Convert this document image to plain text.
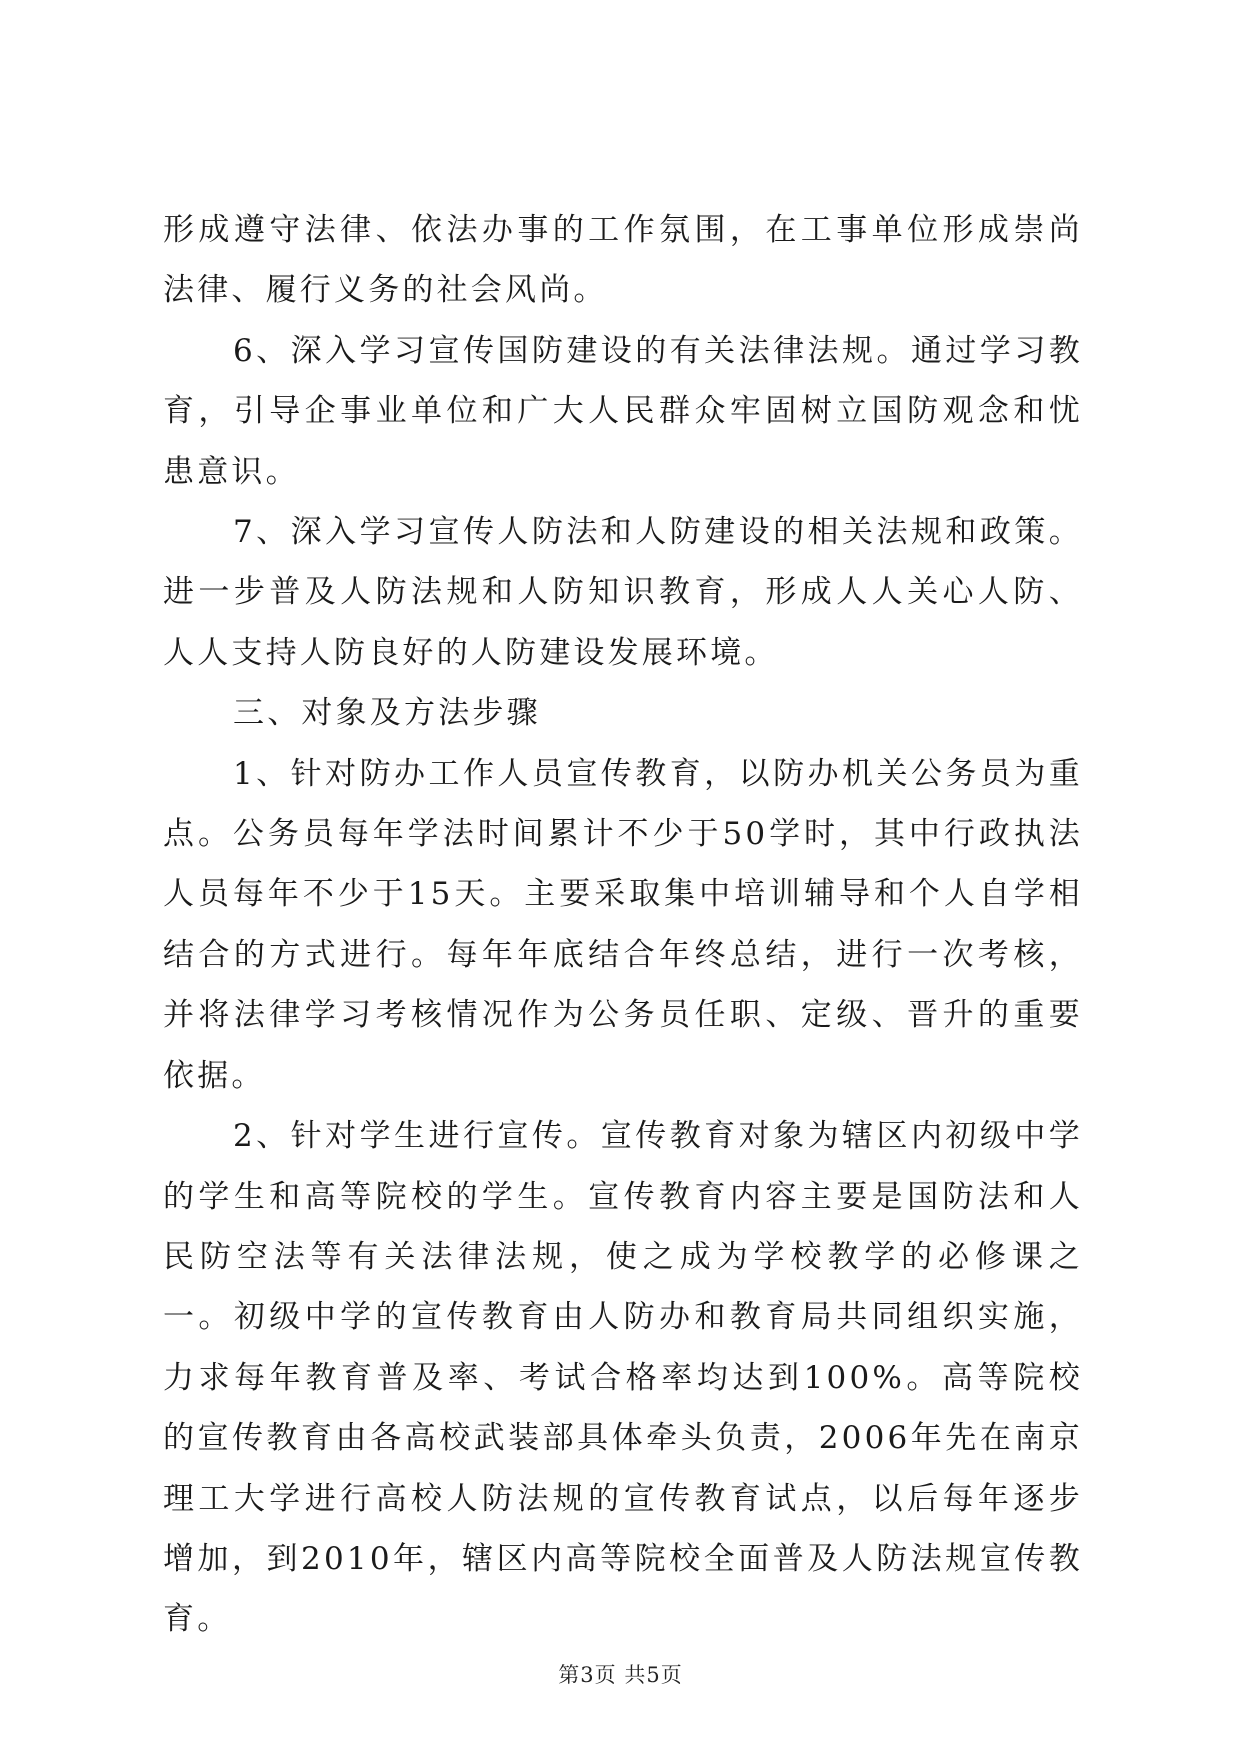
形成遵守法律、依法办事的工作氛围，在工事单位形成崇尚法律、履行义务的社会风尚。

6、深入学习宣传国防建设的有关法律法规。通过学习教育，引导企事业单位和广大人民群众牢固树立国防观念和忧患意识。

7、深入学习宣传人防法和人防建设的相关法规和政策。进一步普及人防法规和人防知识教育，形成人人关心人防、人人支持人防良好的人防建设发展环境。

三、对象及方法步骤

1、针对防办工作人员宣传教育，以防办机关公务员为重点。公务员每年学法时间累计不少于50学时，其中行政执法人员每年不少于15天。主要采取集中培训辅导和个人自学相结合的方式进行。每年年底结合年终总结，进行一次考核，并将法律学习考核情况作为公务员任职、定级、晋升的重要依据。

2、针对学生进行宣传。宣传教育对象为辖区内初级中学的学生和高等院校的学生。宣传教育内容主要是国防法和人民防空法等有关法律法规，使之成为学校教学的必修课之一。初级中学的宣传教育由人防办和教育局共同组织实施，力求每年教育普及率、考试合格率均达到100%。高等院校的宣传教育由各高校武装部具体牵头负责，2006年先在南京理工大学进行高校人防法规的宣传教育试点，以后每年逐步增加，到2010年，辖区内高等院校全面普及人防法规宣传教育。

第3页 共5页
